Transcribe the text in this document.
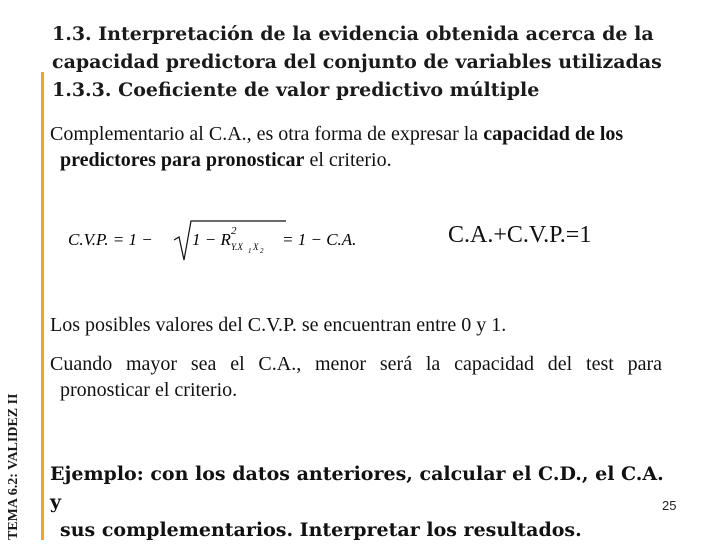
TEMA 6.2: VALIDEZ II
1.3. Interpretación de la evidencia obtenida acerca de la
capacidad predictora del conjunto de variables utilizadas
1.3.3. Coeficiente de valor predictivo múltiple
Complementario al C.A., es otra forma de expresar la capacidad de los
predictores para pronosticar el criterio.
C.V.P. = 1 − 1 − R 2
Y.X 1 X 2
= 1 − C.A.	C.A.+C.V.P.=1
Los posibles valores del C.V.P. se encuentran entre 0 y 1.
Cuando mayor sea el C.A., menor será la capacidad del test para
pronosticar el criterio.
Ejemplo: con los datos anteriores, calcular el C.D., el C.A. y
sus complementarios. Interpretar los resultados.
25
